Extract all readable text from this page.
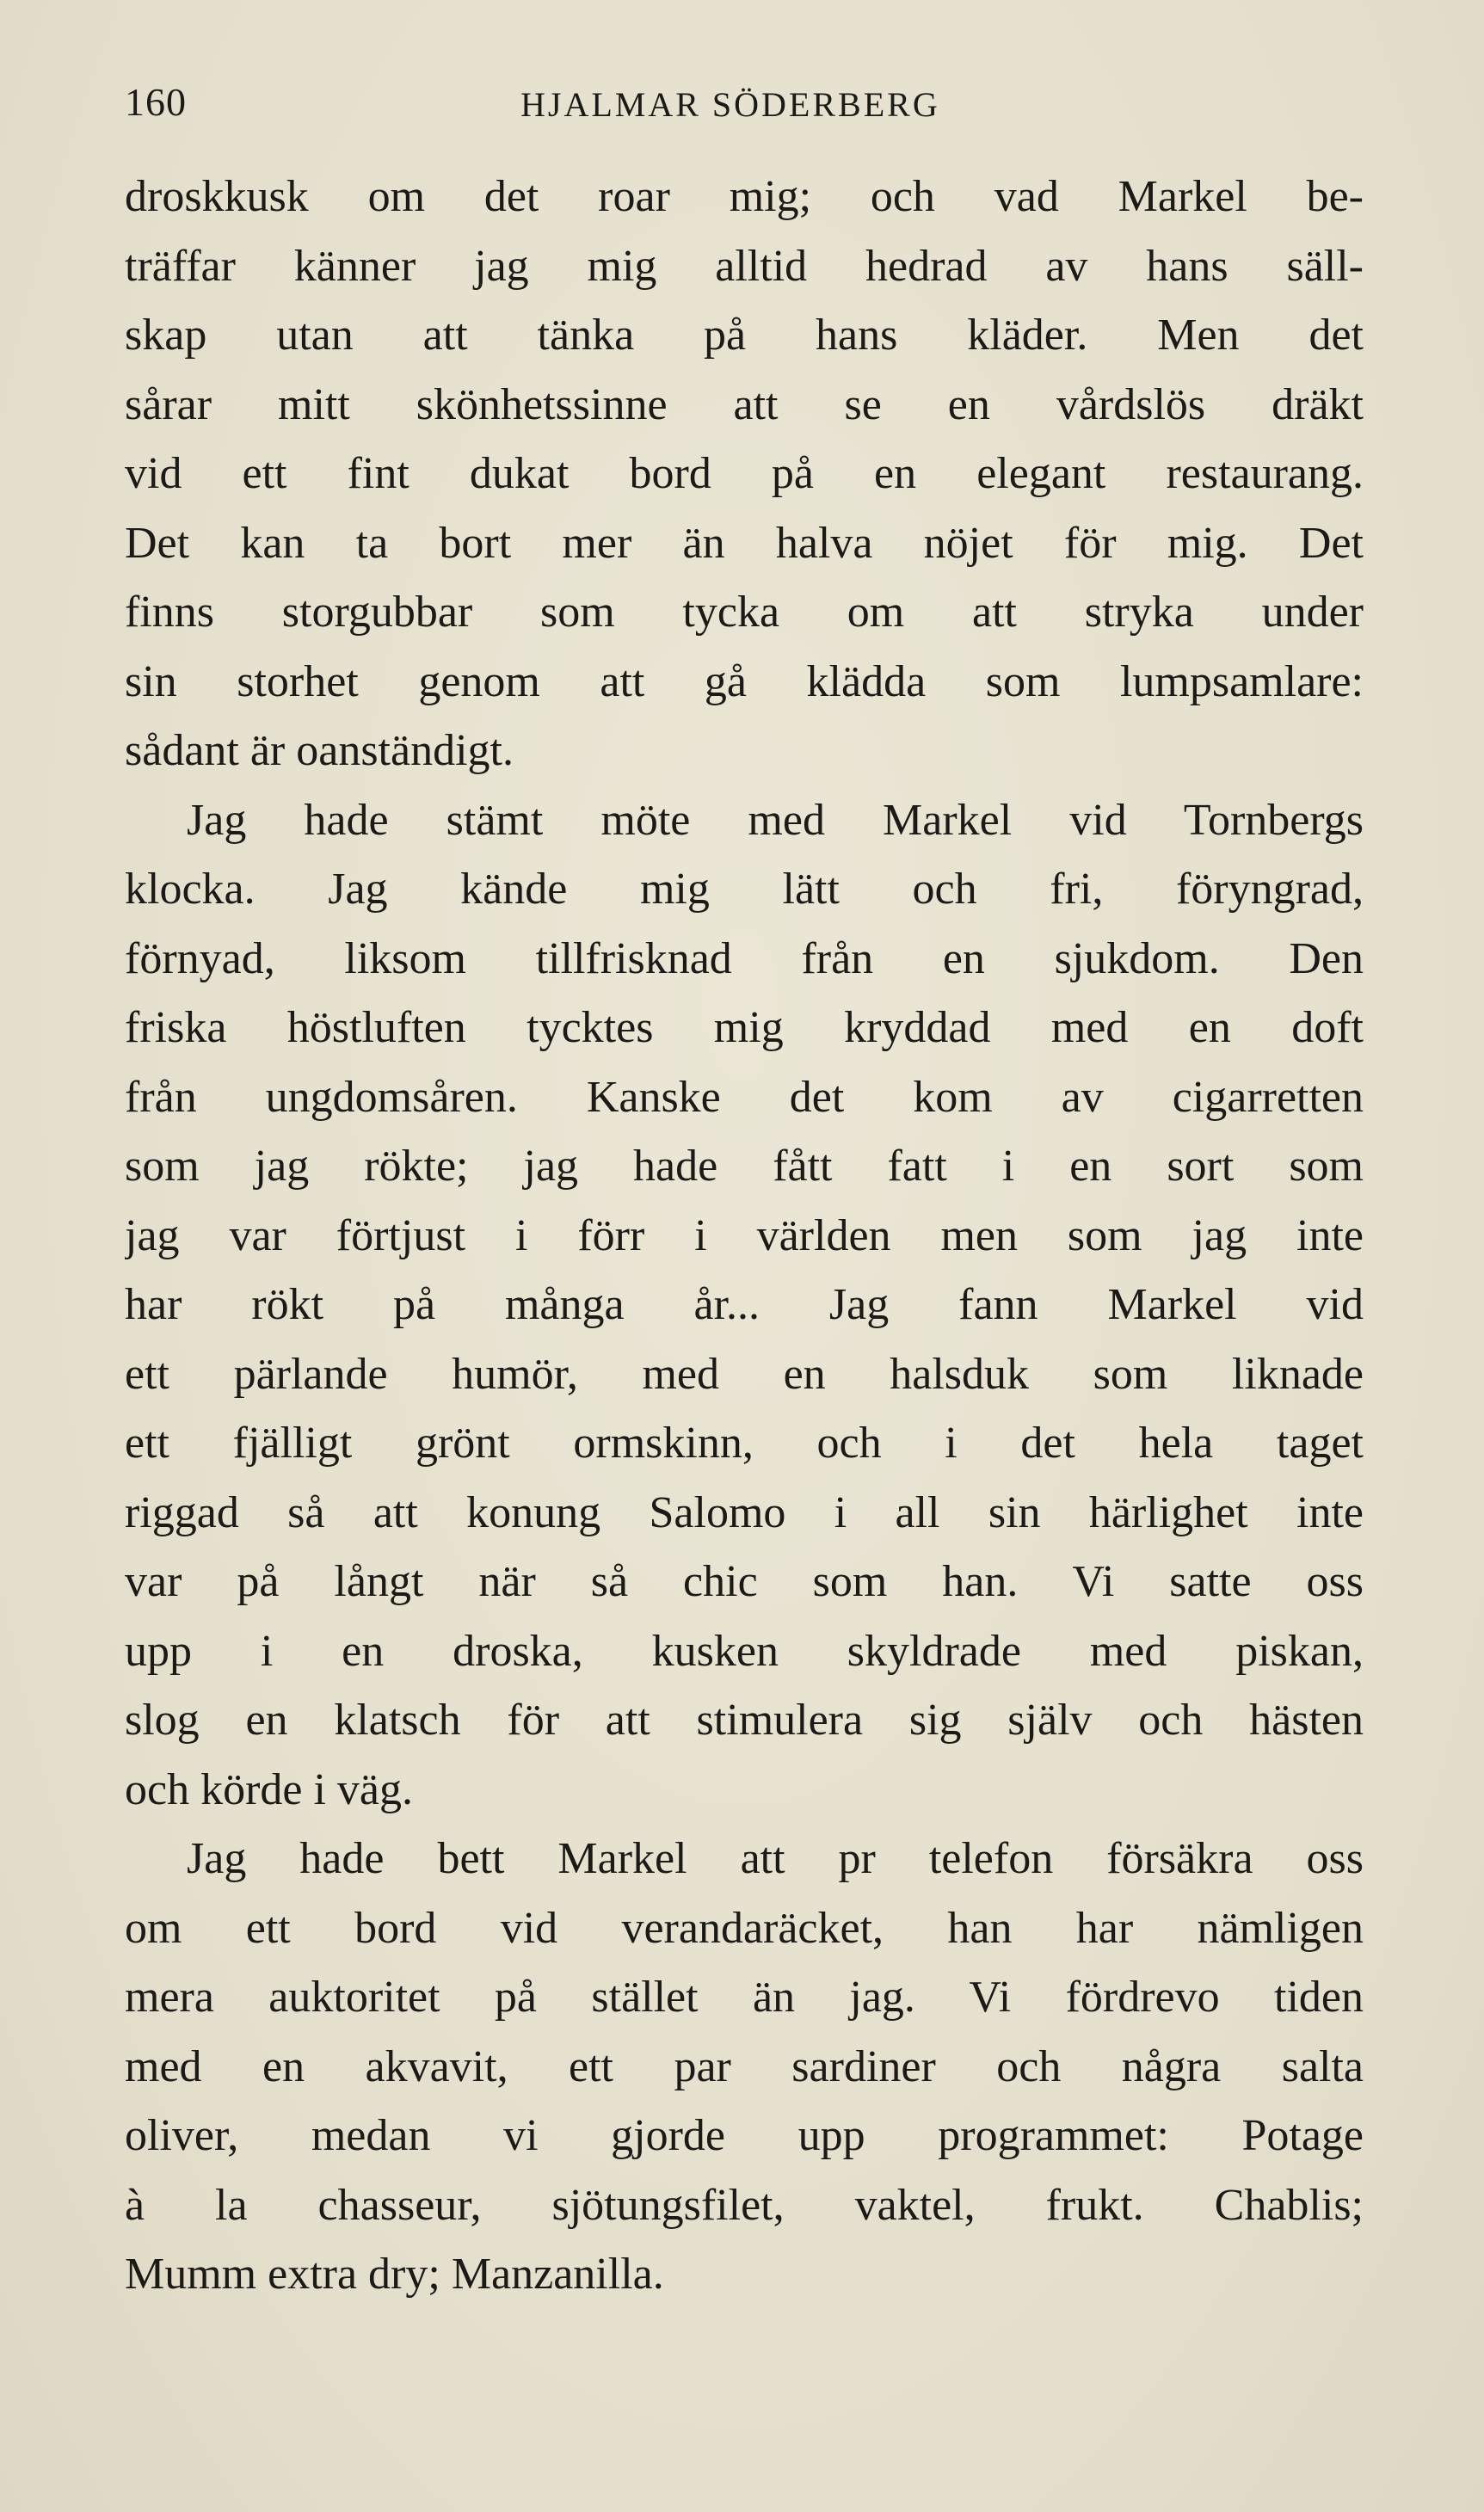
160	HJALMAR SÖDERBERG
droskkusk om det roar mig; och vad Markel be-
träffar känner jag mig alltid hedrad av hans säll-
skap utan att tänka på hans kläder. Men det
sårar mitt skönhetssinne att se en vårdslös dräkt
vid ett fint dukat bord på en elegant restaurang.
Det kan ta bort mer än halva nöjet för mig. Det
finns storgubbar som tycka om att stryka under
sin storhet genom att gå klädda som lumpsamlare:
sådant är oanständigt.
Jag hade stämt möte med Markel vid Tornbergs
klocka. Jag kände mig lätt och fri, föryngrad,
förnyad, liksom tillfrisknad från en sjukdom. Den
friska höstluften tycktes mig kryddad med en doft
från ungdomsåren. Kanske det kom av cigarretten
som jag rökte; jag hade fått fatt i en sort som
jag var förtjust i förr i världen men som jag inte
har rökt på många år... Jag fann Markel vid
ett pärlande humör, med en halsduk som liknade
ett fjälligt grönt ormskinn, och i det hela taget
riggad så att konung Salomo i all sin härlighet inte
var på långt när så chic som han. Vi satte oss
upp i en droska, kusken skyldrade med piskan,
slog en klatsch för att stimulera sig själv och hästen
och körde i väg.
Jag hade bett Markel att pr telefon försäkra oss
om ett bord vid verandaräcket, han har nämligen
mera auktoritet på stället än jag. Vi fördrevo tiden
med en akvavit, ett par sardiner och några salta
oliver, medan vi gjorde upp programmet: Potage
à la chasseur, sjötungsfilet, vaktel, frukt. Chablis;
Mumm extra dry; Manzanilla.
